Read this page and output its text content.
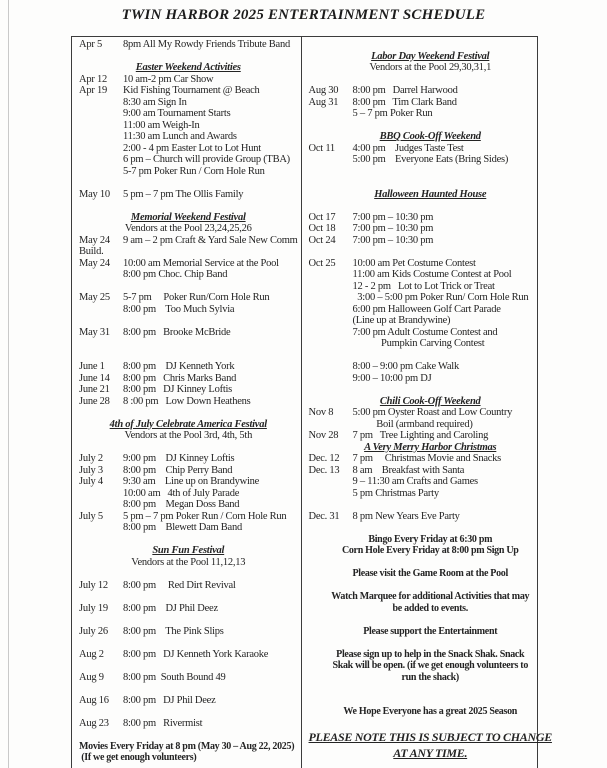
TWIN HARBOR 2025 ENTERTAINMENT SCHEDULE
Apr 5	8pm All My Rowdy Friends Tribute Band
Easter Weekend Activities
Apr 12	10 am-2 pm Car Show
Apr 19	Kid Fishing Tournament @ Beach
8:30 am Sign In
9:00 am Tournament Starts
11:00 am Weigh-In
11:30 am Lunch and Awards
2:00 - 4 pm Easter Lot to Lot Hunt
6 pm – Church will provide Group (TBA)
5-7 pm Poker Run / Corn Hole Run
May 10	5 pm – 7 pm The Ollis Family
Memorial Weekend Festival
Vendors at the Pool 23,24,25,26
May 24	9 am – 2 pm Craft & Yard Sale New Comm
Build.
May 24	10:00 am Memorial Service at the Pool
8:00 pm Choc. Chip Band
May 25	5-7 pm     Poker Run/Corn Hole Run
8:00 pm    Too Much Sylvia
May 31	8:00 pm   Brooke McBride
June 1	8:00 pm    DJ Kenneth York
June 14	8:00 pm   Chris Marks Band
June 21	8:00 pm   DJ Kinney Loftis
June 28	8 :00 pm   Low Down Heathens
4th of July Celebrate America Festival
Vendors at the Pool 3rd, 4th, 5th
July 2	9:00 pm    DJ Kinney Loftis
July 3	8:00 pm    Chip Perry Band
July 4	9:30 am    Line up on Brandywine
10:00 am   4th of July Parade
8:00 pm    Megan Doss Band
July 5	5 pm – 7 pm Poker Run / Corn Hole Run
8:00 pm    Blewett Dam Band
Sun Fun Festival
Vendors at the Pool 11,12,13
July 12	8:00 pm     Red Dirt Revival
July 19	8:00 pm    DJ Phil Deez
July 26	8:00 pm    The Pink Slips
Aug 2	8:00 pm   DJ Kenneth York Karaoke
Aug 9	8:00 pm  South Bound 49
Aug 16	8:00 pm   DJ Phil Deez
Aug 23	8:00 pm   Rivermist
Movies Every Friday at 8 pm (May 30 – Aug 22, 2025)
(If we get enough volunteers)
Labor Day Weekend Festival
Vendors at the Pool 29,30,31,1
Aug 30	8:00 pm   Darrel Harwood
Aug 31	8:00 pm   Tim Clark Band
5 – 7 pm Poker Run
BBQ Cook-Off Weekend
Oct 11	4:00 pm    Judges Taste Test
5:00 pm    Everyone Eats (Bring Sides)
Halloween Haunted House
Oct 17	7:00 pm – 10:30 pm
Oct 18	7:00 pm – 10:30 pm
Oct 24	7:00 pm – 10:30 pm
Oct 25	10:00 am Pet Costume Contest
11:00 am Kids Costume Contest at Pool
12 - 2 pm   Lot to Lot Trick or Treat
3:00 – 5:00 pm Poker Run/ Corn Hole Run
6:00 pm Halloween Golf Cart Parade
(Line up at Brandywine)
7:00 pm Adult Costume Contest and
Pumpkin Carving Contest
8:00 – 9:00 pm Cake Walk
9:00 – 10:00 pm DJ
Chili Cook-Off Weekend
Nov 8	5:00 pm Oyster Roast and Low Country
Boil (armband required)
Nov 28	7 pm   Tree Lighting and Caroling
A Very Merry Harbor Christmas
Dec. 12	7 pm     Christmas Movie and Snacks
Dec. 13	8 am    Breakfast with Santa
9 – 11:30 am Crafts and Games
5 pm Christmas Party
Dec. 31	8 pm New Years Eve Party
Bingo Every Friday at 6:30 pm
Corn Hole Every Friday at 8:00 pm Sign Up
Please visit the Game Room at the Pool
Watch Marquee for additional Activities that may
be added to events.
Please support the Entertainment
Please sign up to help in the Snack Shak. Snack
Skak will be open. (if we get enough volunteers to
run the shack)
We Hope Everyone has a great 2025 Season
PLEASE NOTE THIS IS SUBJECT TO CHANGE
AT ANY TIME.
